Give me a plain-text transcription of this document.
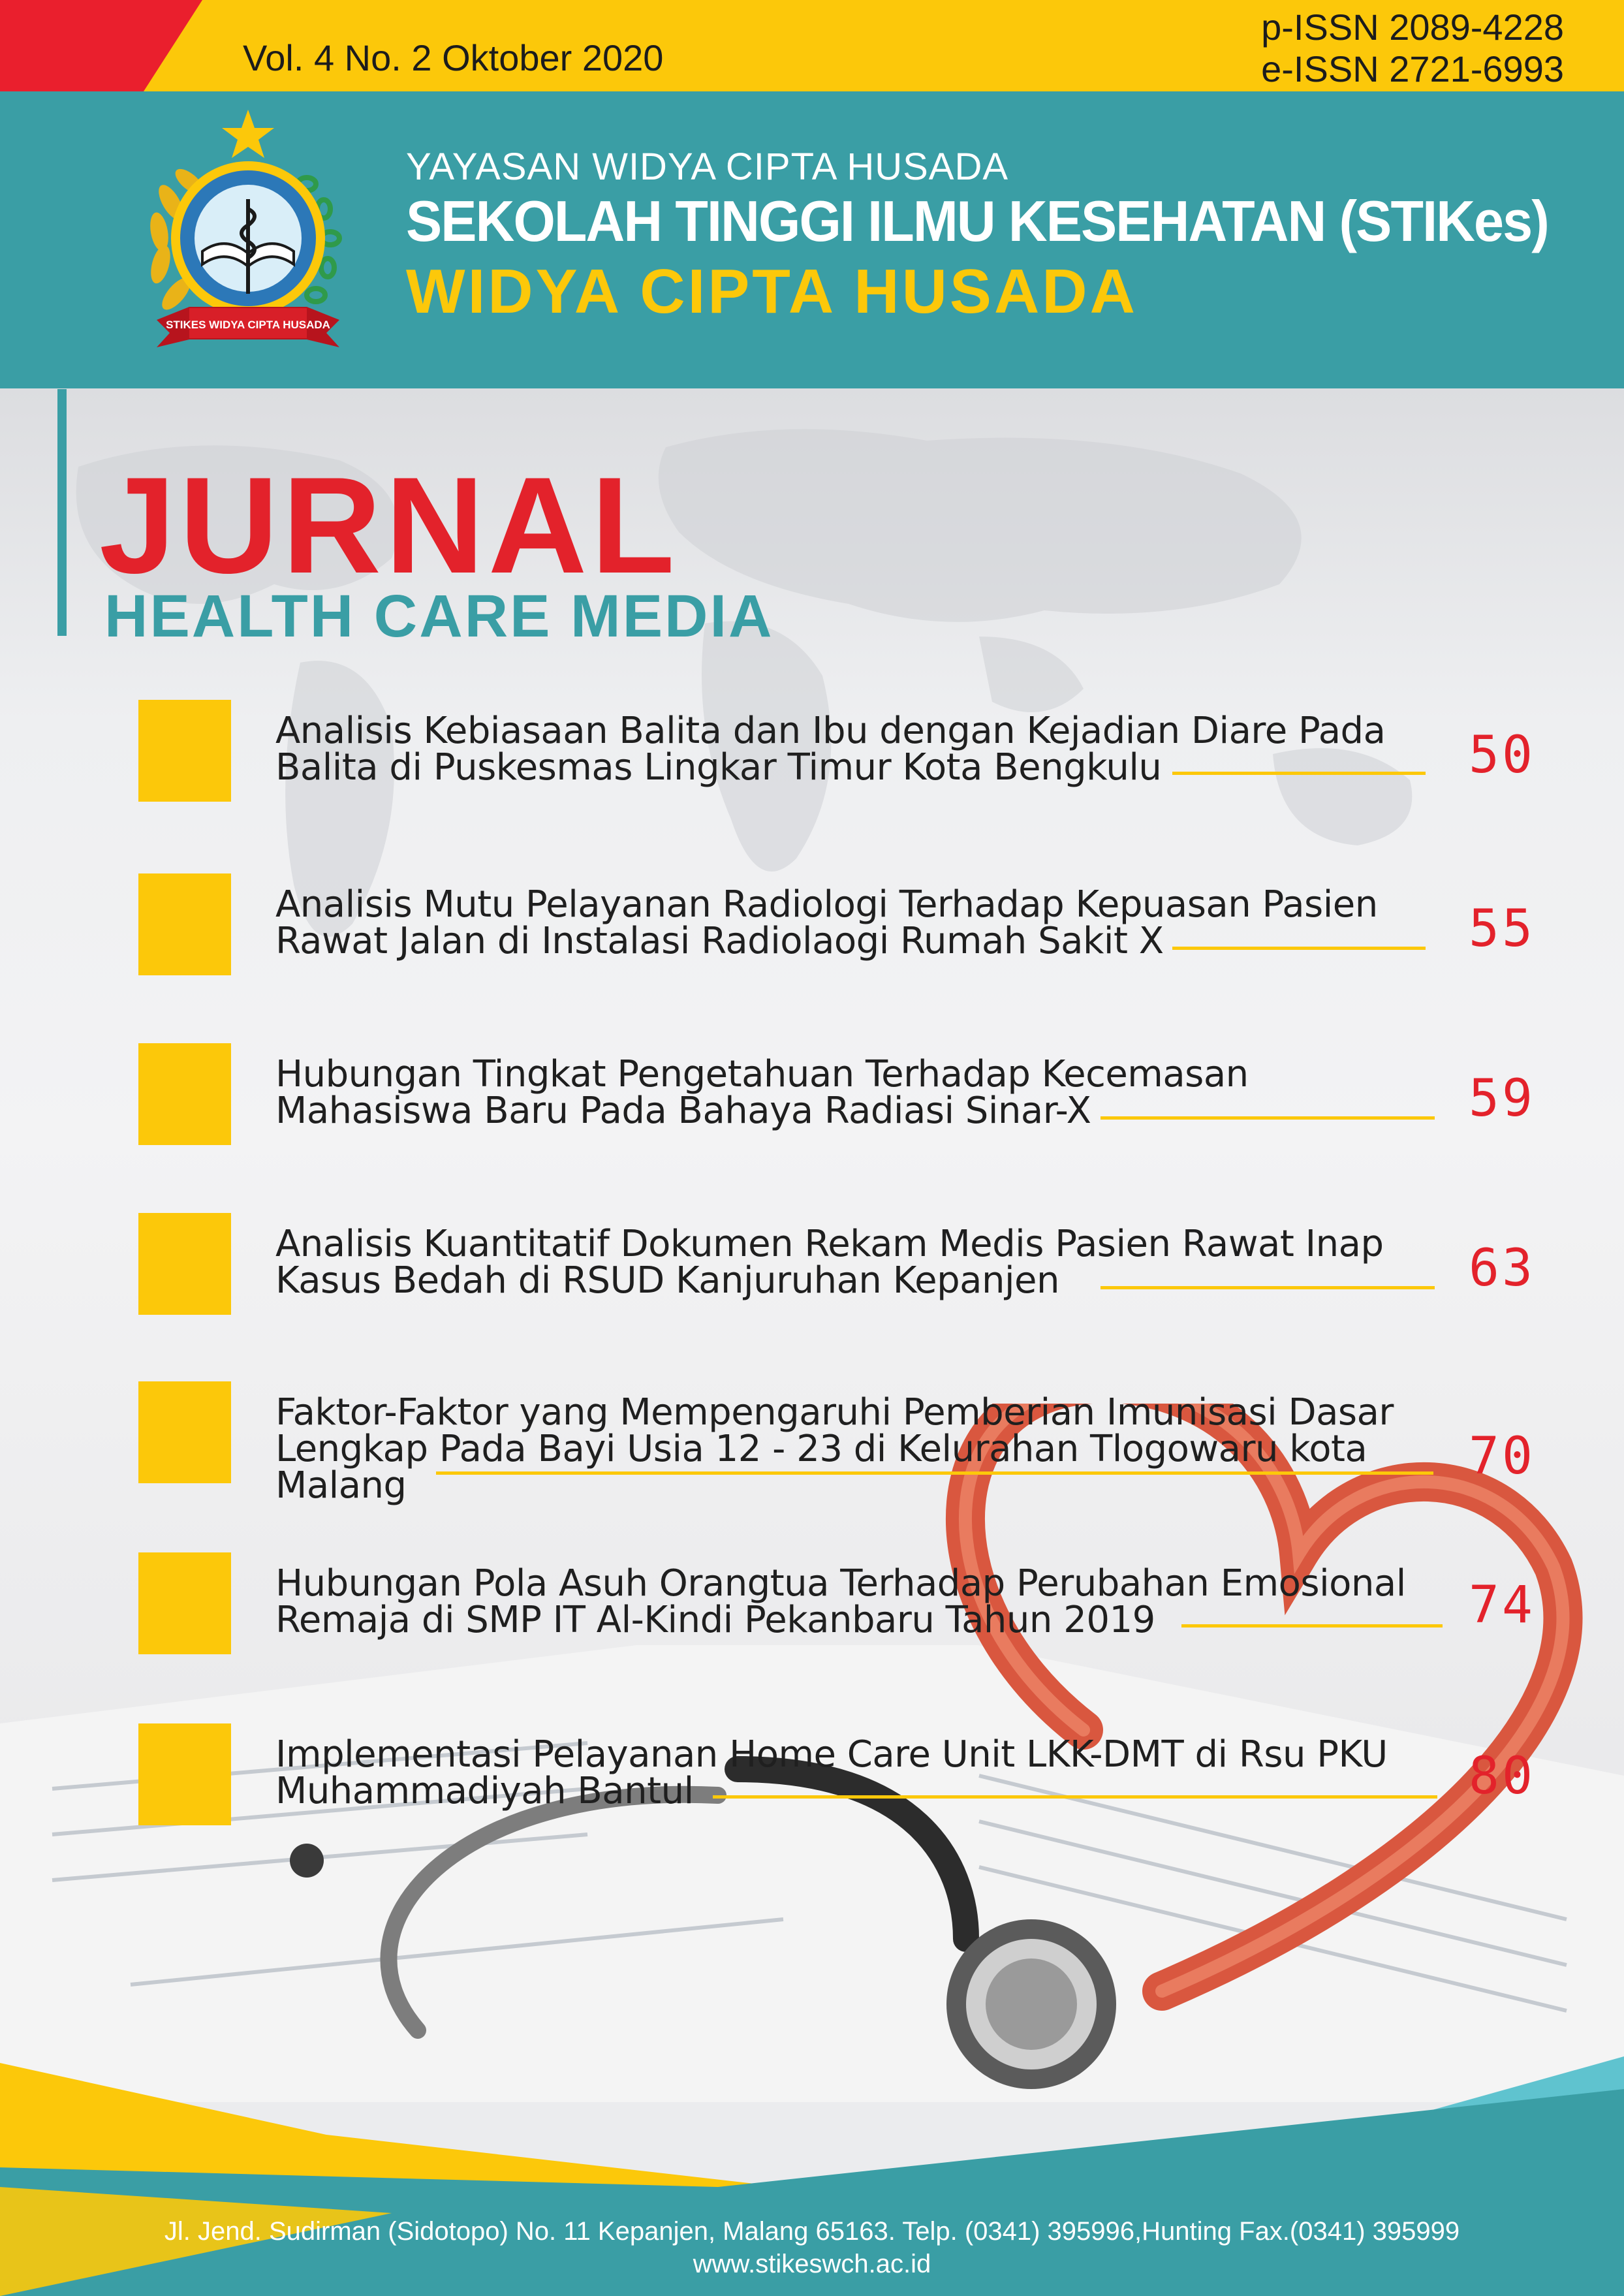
Vol. 4 No. 2 Oktober 2020
p-ISSN 2089-4228
e-ISSN 2721-6993
STIKES WIDYA CIPTA HUSADA
YAYASAN WIDYA CIPTA HUSADA
SEKOLAH TINGGI ILMU KESEHATAN (STIKes)
WIDYA CIPTA HUSADA
JURNAL
HEALTH CARE MEDIA
Analisis Kebiasaan Balita dan Ibu dengan Kejadian Diare Pada
Balita di Puskesmas Lingkar Timur Kota Bengkulu	50
Analisis Mutu Pelayanan Radiologi Terhadap Kepuasan Pasien
Rawat Jalan di Instalasi Radiolaogi Rumah Sakit X	55
Hubungan Tingkat Pengetahuan Terhadap Kecemasan
Mahasiswa Baru Pada Bahaya Radiasi Sinar-X	59
Analisis Kuantitatif Dokumen Rekam Medis Pasien Rawat Inap
Kasus Bedah di RSUD Kanjuruhan Kepanjen	63
Faktor-Faktor yang Mempengaruhi Pemberian Imunisasi Dasar
Lengkap Pada Bayi Usia 12 - 23 di Kelurahan Tlogowaru kota
Malang	70
Hubungan Pola Asuh Orangtua Terhadap Perubahan Emosional
Remaja di SMP IT Al-Kindi Pekanbaru Tahun 2019	74
Implementasi Pelayanan Home Care Unit LKK-DMT di Rsu PKU
Muhammadiyah Bantul	80
Jl. Jend. Sudirman (Sidotopo) No. 11 Kepanjen, Malang 65163. Telp. (0341) 395996,Hunting Fax.(0341) 395999
www.stikeswch.ac.id
